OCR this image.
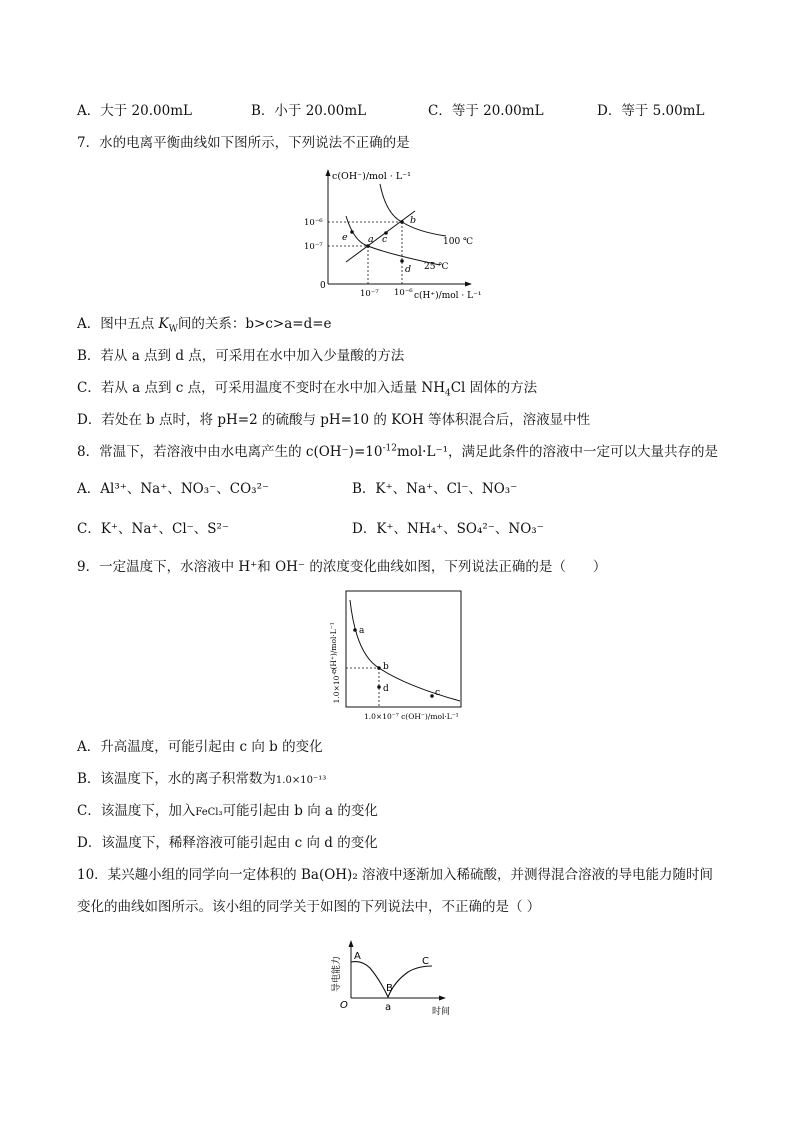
A．大于 20.00mL	B．小于 20.00mL	C．等于 20.00mL	D．等于 5.00mL
7．水的电离平衡曲线如下图所示，下列说法不正确的是
c(OH⁻)/mol · L⁻¹
10⁻⁶
10⁻⁷
0
10⁻⁷ 10⁻⁶ c(H⁺)/mol · L⁻¹
a
b
c
d
e	100 ℃
25 ℃
A．图中五点 $K_W$间的关系：b>c>a=d=e
B．若从 a 点到 d 点，可采用在水中加入少量酸的方法
C．若从 a 点到 c 点，可采用温度不变时在水中加入适量 $NH_4Cl$ 固体的方法
D．若处在 b 点时，将 pH=2 的硫酸与 pH=10 的 KOH 等体积混合后，溶液显中性
8．常温下，若溶液中由水电离产生的 $c(OH^-)=10^{-12}mol\cdot L^{-1}$，满足此条件的溶液中一定可以大量共存的是
A．Al³⁺、Na⁺、NO₃⁻、CO₃²⁻	B．K⁺、Na⁺、Cl⁻、NO₃⁻
C．K⁺、Na⁺、Cl⁻、S²⁻	D．K⁺、NH₄⁺、SO₄²⁻、NO₃⁻
9．一定温度下，水溶液中 H⁺和 OH⁻ 的浓度变化曲线如图，下列说法正确的是（　　）
a
b
c
d
c(H⁺)/mol·L⁻¹
1.0×10⁻⁷
1.0×10⁻⁷ c(OH⁻)/mol·L⁻¹
A．升高温度，可能引起由 c 向 b 的变化
B．该温度下，水的离子积常数为1.0×10⁻¹³
C．该温度下，加入FeCl₃可能引起由 b 向 a 的变化
D．该温度下，稀释溶液可能引起由 c 向 d 的变化
10．某兴趣小组的同学向一定体积的 Ba(OH)₂ 溶液中逐渐加入稀硫酸，并测得混合溶液的导电能力随时间
变化的曲线如图所示。该小组的同学关于如图的下列说法中，不正确的是（ ）
导电能力 A
B
C
O	a	时间
